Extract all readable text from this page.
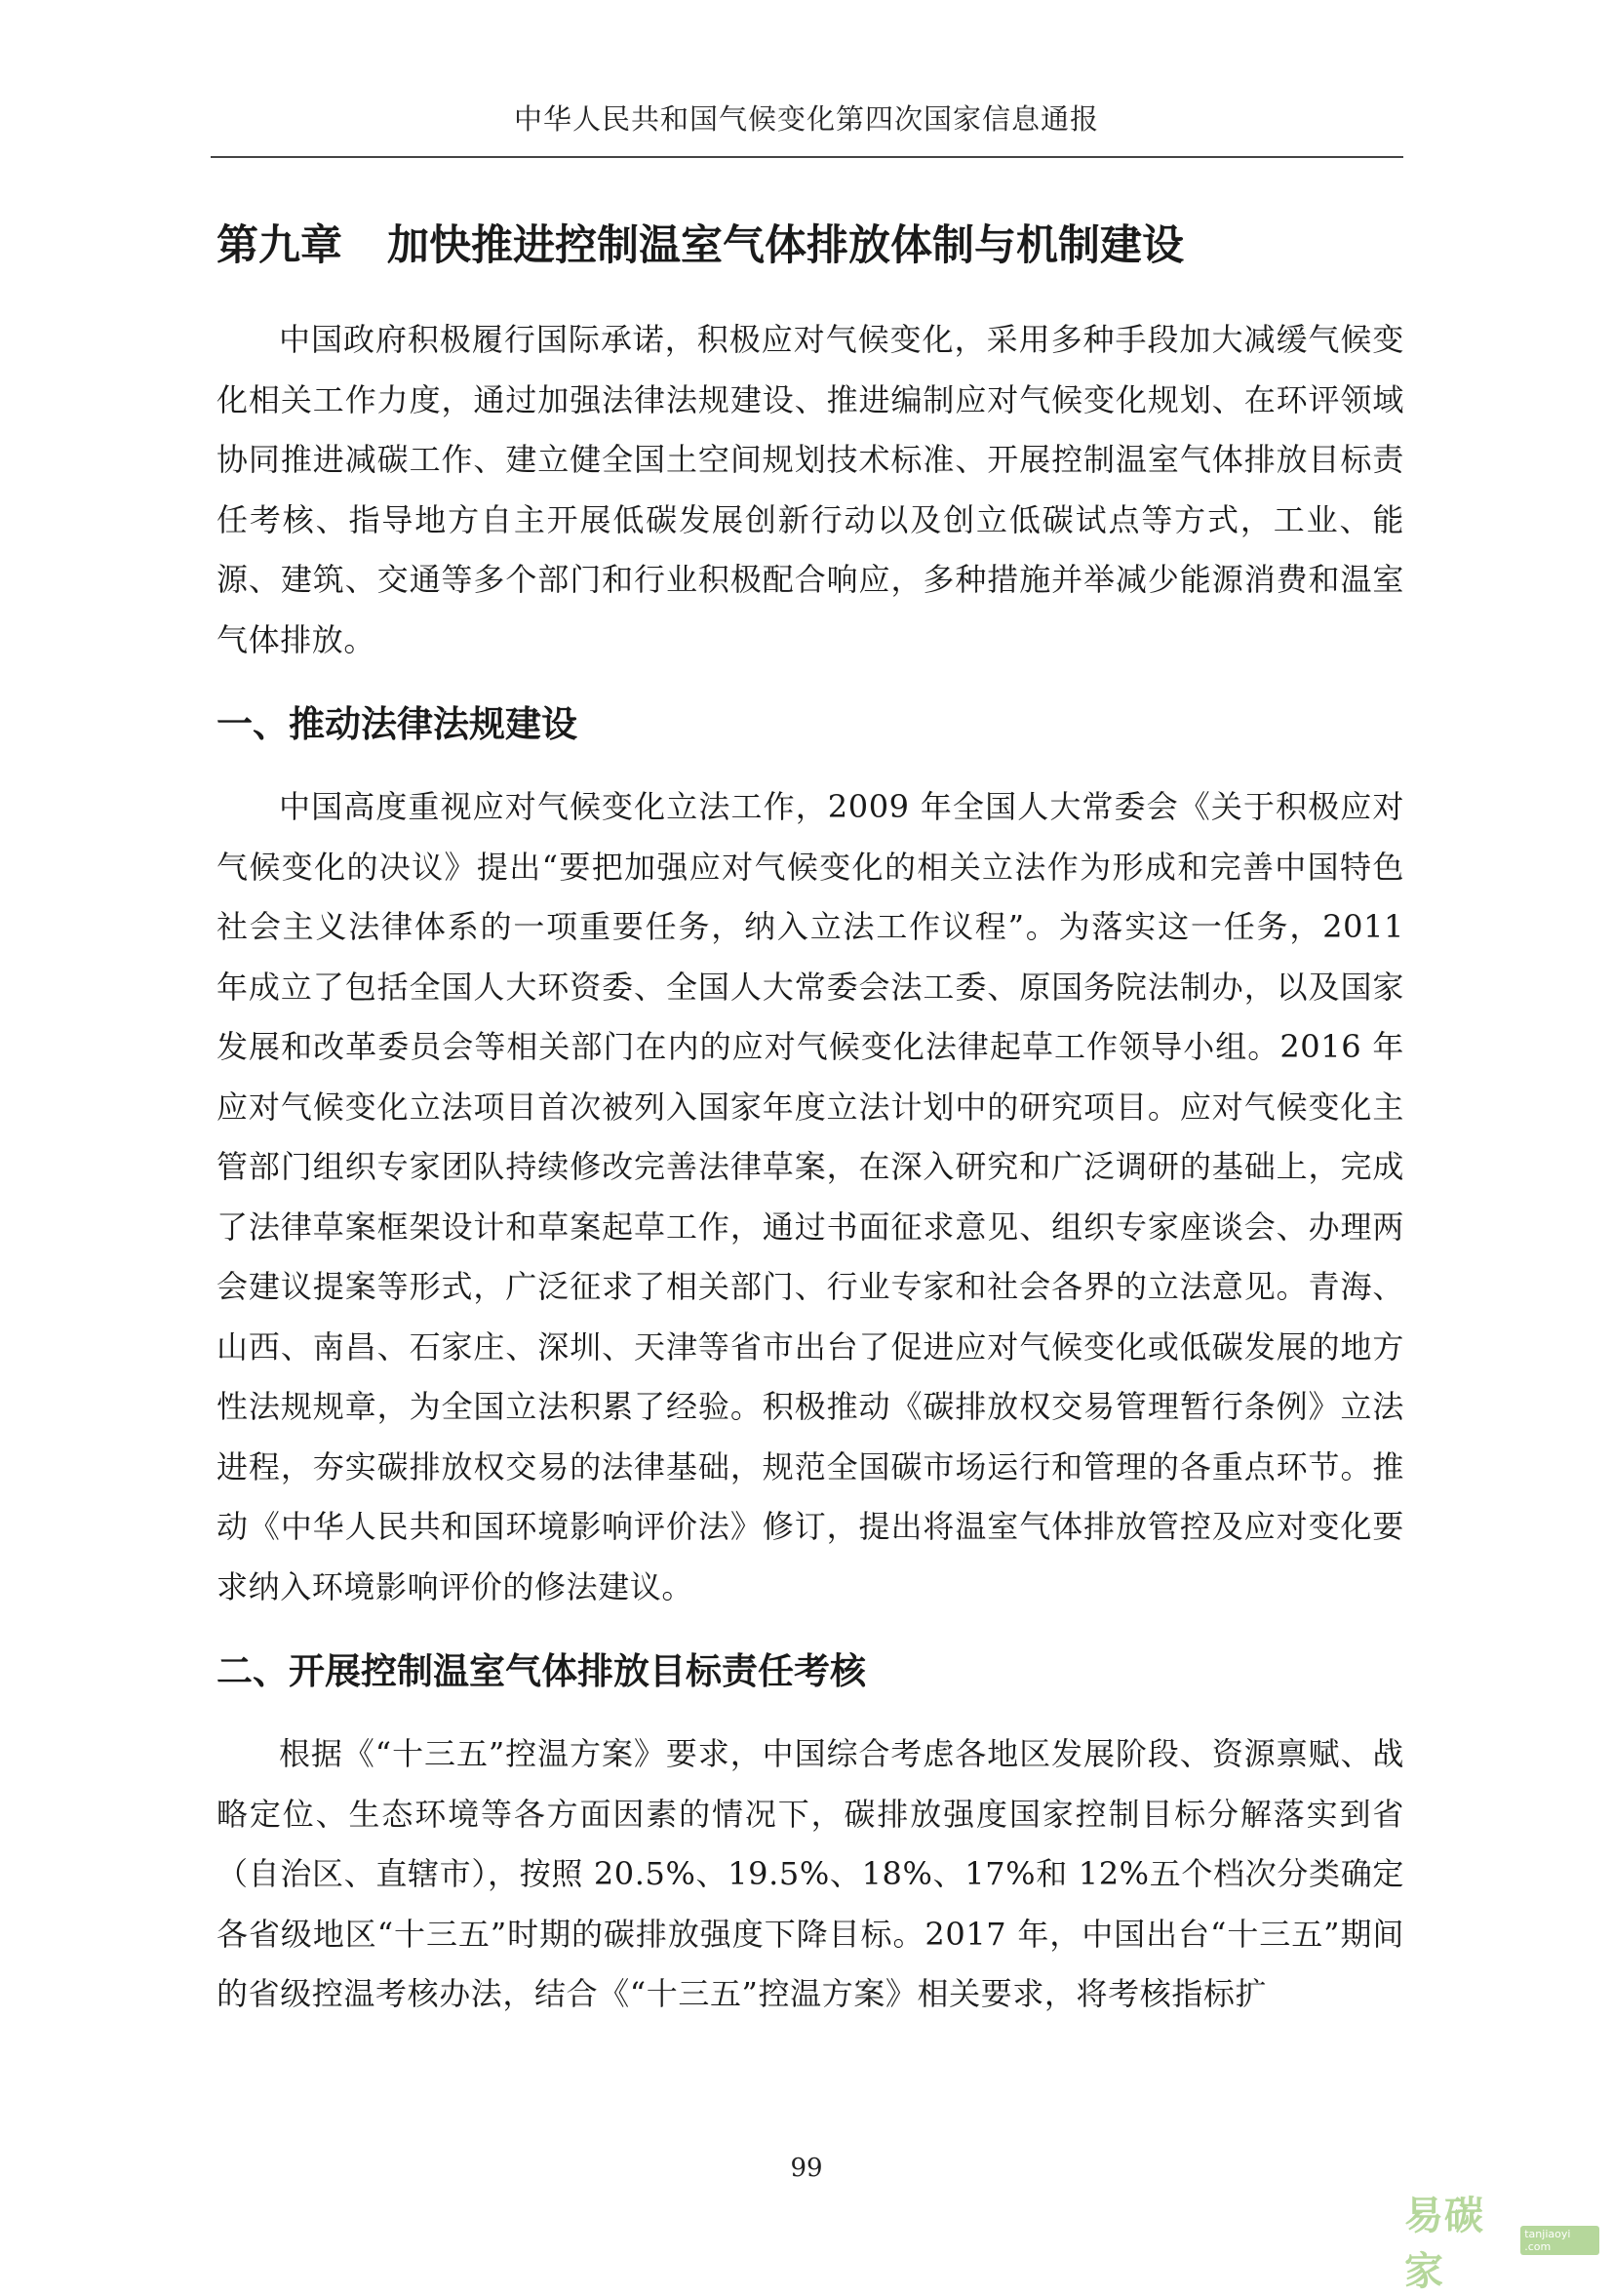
中华人民共和国气候变化第四次国家信息通报
第九章 加快推进控制温室气体排放体制与机制建设

中国政府积极履行国际承诺，积极应对气候变化，采用多种手段加大减缓气候变化相关工作力度，通过加强法律法规建设、推进编制应对气候变化规划、在环评领域协同推进减碳工作、建立健全国土空间规划技术标准、开展控制温室气体排放目标责任考核、指导地方自主开展低碳发展创新行动以及创立低碳试点等方式，工业、能源、建筑、交通等多个部门和行业积极配合响应，多种措施并举减少能源消费和温室气体排放。

一、推动法律法规建设

中国高度重视应对气候变化立法工作，2009 年全国人大常委会《关于积极应对气候变化的决议》提出“要把加强应对气候变化的相关立法作为形成和完善中国特色社会主义法律体系的一项重要任务，纳入立法工作议程”。为落实这一任务，2011 年成立了包括全国人大环资委、全国人大常委会法工委、原国务院法制办，以及国家发展和改革委员会等相关部门在内的应对气候变化法律起草工作领导小组。2016 年应对气候变化立法项目首次被列入国家年度立法计划中的研究项目。应对气候变化主管部门组织专家团队持续修改完善法律草案，在深入研究和广泛调研的基础上，完成了法律草案框架设计和草案起草工作，通过书面征求意见、组织专家座谈会、办理两会建议提案等形式，广泛征求了相关部门、行业专家和社会各界的立法意见。青海、山西、南昌、石家庄、深圳、天津等省市出台了促进应对气候变化或低碳发展的地方性法规规章，为全国立法积累了经验。积极推动《碳排放权交易管理暂行条例》立法进程，夯实碳排放权交易的法律基础，规范全国碳市场运行和管理的各重点环节。推动《中华人民共和国环境影响评价法》修订，提出将温室气体排放管控及应对变化要求纳入环境影响评价的修法建议。

二、开展控制温室气体排放目标责任考核

根据《“十三五”控温方案》要求，中国综合考虑各地区发展阶段、资源禀赋、战略定位、生态环境等各方面因素的情况下，碳排放强度国家控制目标分解落实到省（自治区、直辖市），按照 20.5%、19.5%、18%、17%和 12%五个档次分类确定各省级地区“十三五”时期的碳排放强度下降目标。2017 年，中国出台“十三五”期间的省级控温考核办法，结合《“十三五”控温方案》相关要求，将考核指标扩

99
易碳家
tanjiaoyi .com
